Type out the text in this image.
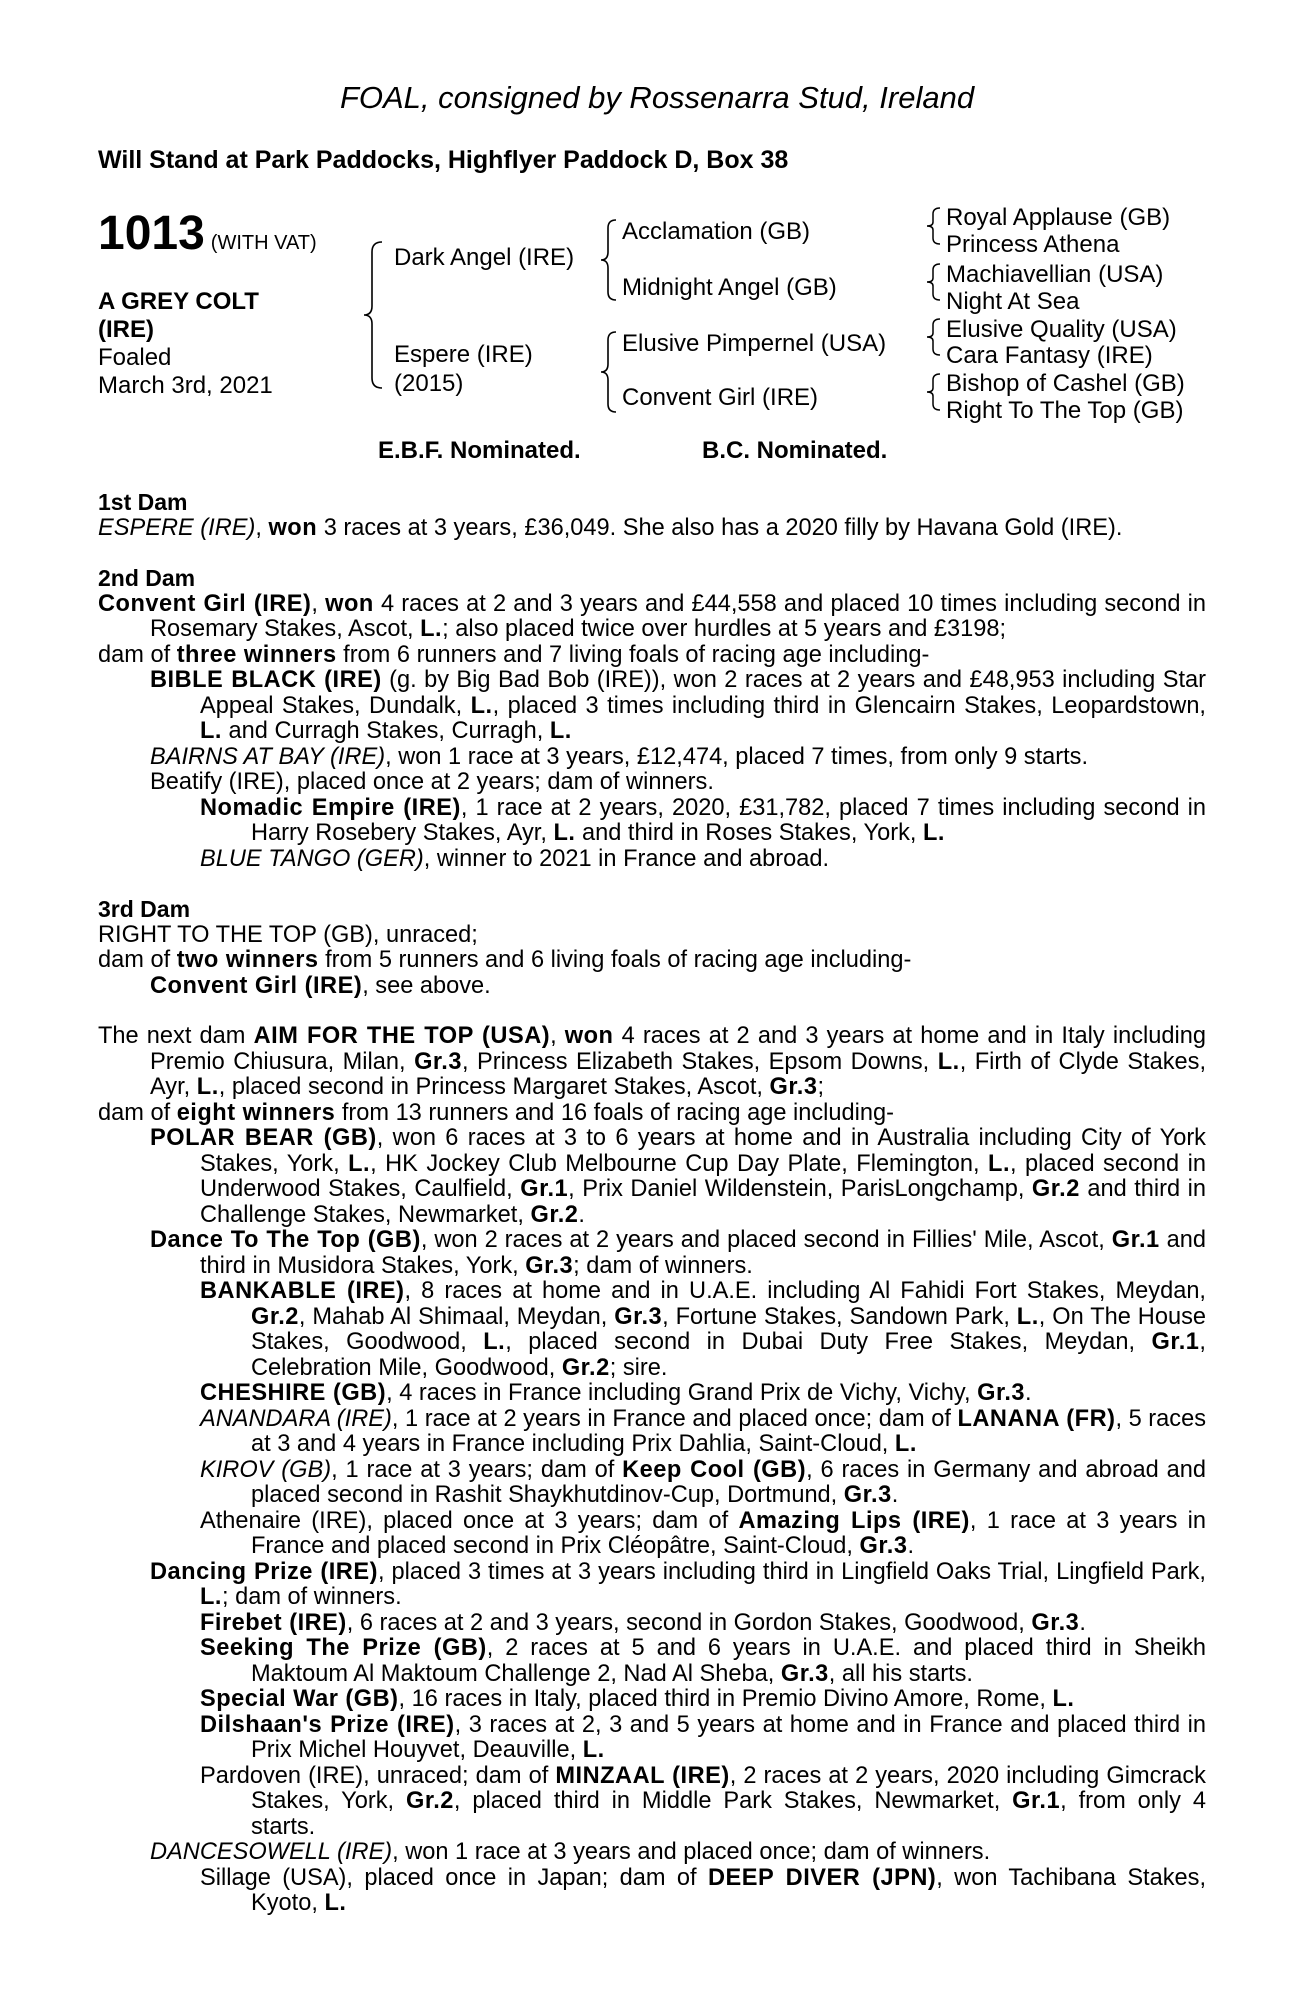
FOAL, consigned by Rossenarra Stud, Ireland
Will Stand at Park Paddocks, Highflyer Paddock D, Box 38
1013 (WITH VAT)
A GREY COLT
(IRE)
Foaled
March 3rd, 2021
Dark Angel (IRE)
Espere (IRE)
(2015)
Acclamation (GB)
Midnight Angel (GB)
Elusive Pimpernel (USA)
Convent Girl (IRE)
Royal Applause (GB)
Princess Athena
Machiavellian (USA)
Night At Sea
Elusive Quality (USA)
Cara Fantasy (IRE)
Bishop of Cashel (GB)
Right To The Top (GB)
E.B.F. Nominated.	B.C. Nominated.
1st Dam
ESPERE (IRE), won 3 races at 3 years, £36,049. She also has a 2020 filly by Havana Gold (IRE).
2nd Dam
Convent Girl (IRE), won 4 races at 2 and 3 years and £44,558 and placed 10 times including second in Rosemary Stakes, Ascot, L.; also placed twice over hurdles at 5 years and £3198;
dam of three winners from 6 runners and 7 living foals of racing age including-
BIBLE BLACK (IRE) (g. by Big Bad Bob (IRE)), won 2 races at 2 years and £48,953 including Star Appeal Stakes, Dundalk, L., placed 3 times including third in Glencairn Stakes, Leopardstown, L. and Curragh Stakes, Curragh, L.
BAIRNS AT BAY (IRE), won 1 race at 3 years, £12,474, placed 7 times, from only 9 starts.
Beatify (IRE), placed once at 2 years; dam of winners.
Nomadic Empire (IRE), 1 race at 2 years, 2020, £31,782, placed 7 times including second in Harry Rosebery Stakes, Ayr, L. and third in Roses Stakes, York, L.
BLUE TANGO (GER), winner to 2021 in France and abroad.
3rd Dam
RIGHT TO THE TOP (GB), unraced;
dam of two winners from 5 runners and 6 living foals of racing age including-
Convent Girl (IRE), see above.
The next dam AIM FOR THE TOP (USA), won 4 races at 2 and 3 years at home and in Italy including Premio Chiusura, Milan, Gr.3, Princess Elizabeth Stakes, Epsom Downs, L., Firth of Clyde Stakes, Ayr, L., placed second in Princess Margaret Stakes, Ascot, Gr.3;
dam of eight winners from 13 runners and 16 foals of racing age including-
POLAR BEAR (GB), won 6 races at 3 to 6 years at home and in Australia including City of York Stakes, York, L., HK Jockey Club Melbourne Cup Day Plate, Flemington, L., placed second in Underwood Stakes, Caulfield, Gr.1, Prix Daniel Wildenstein, ParisLongchamp, Gr.2 and third in Challenge Stakes, Newmarket, Gr.2.
Dance To The Top (GB), won 2 races at 2 years and placed second in Fillies' Mile, Ascot, Gr.1 and third in Musidora Stakes, York, Gr.3; dam of winners.
BANKABLE (IRE), 8 races at home and in U.A.E. including Al Fahidi Fort Stakes, Meydan, Gr.2, Mahab Al Shimaal, Meydan, Gr.3, Fortune Stakes, Sandown Park, L., On The House Stakes, Goodwood, L., placed second in Dubai Duty Free Stakes, Meydan, Gr.1, Celebration Mile, Goodwood, Gr.2; sire.
CHESHIRE (GB), 4 races in France including Grand Prix de Vichy, Vichy, Gr.3.
ANANDARA (IRE), 1 race at 2 years in France and placed once; dam of LANANA (FR), 5 races at 3 and 4 years in France including Prix Dahlia, Saint-Cloud, L.
KIROV (GB), 1 race at 3 years; dam of Keep Cool (GB), 6 races in Germany and abroad and placed second in Rashit Shaykhutdinov-Cup, Dortmund, Gr.3.
Athenaire (IRE), placed once at 3 years; dam of Amazing Lips (IRE), 1 race at 3 years in France and placed second in Prix Cléopâtre, Saint-Cloud, Gr.3.
Dancing Prize (IRE), placed 3 times at 3 years including third in Lingfield Oaks Trial, Lingfield Park, L.; dam of winners.
Firebet (IRE), 6 races at 2 and 3 years, second in Gordon Stakes, Goodwood, Gr.3.
Seeking The Prize (GB), 2 races at 5 and 6 years in U.A.E. and placed third in Sheikh Maktoum Al Maktoum Challenge 2, Nad Al Sheba, Gr.3, all his starts.
Special War (GB), 16 races in Italy, placed third in Premio Divino Amore, Rome, L.
Dilshaan's Prize (IRE), 3 races at 2, 3 and 5 years at home and in France and placed third in Prix Michel Houyvet, Deauville, L.
Pardoven (IRE), unraced; dam of MINZAAL (IRE), 2 races at 2 years, 2020 including Gimcrack Stakes, York, Gr.2, placed third in Middle Park Stakes, Newmarket, Gr.1, from only 4 starts.
DANCESOWELL (IRE), won 1 race at 3 years and placed once; dam of winners.
Sillage (USA), placed once in Japan; dam of DEEP DIVER (JPN), won Tachibana Stakes, Kyoto, L.
